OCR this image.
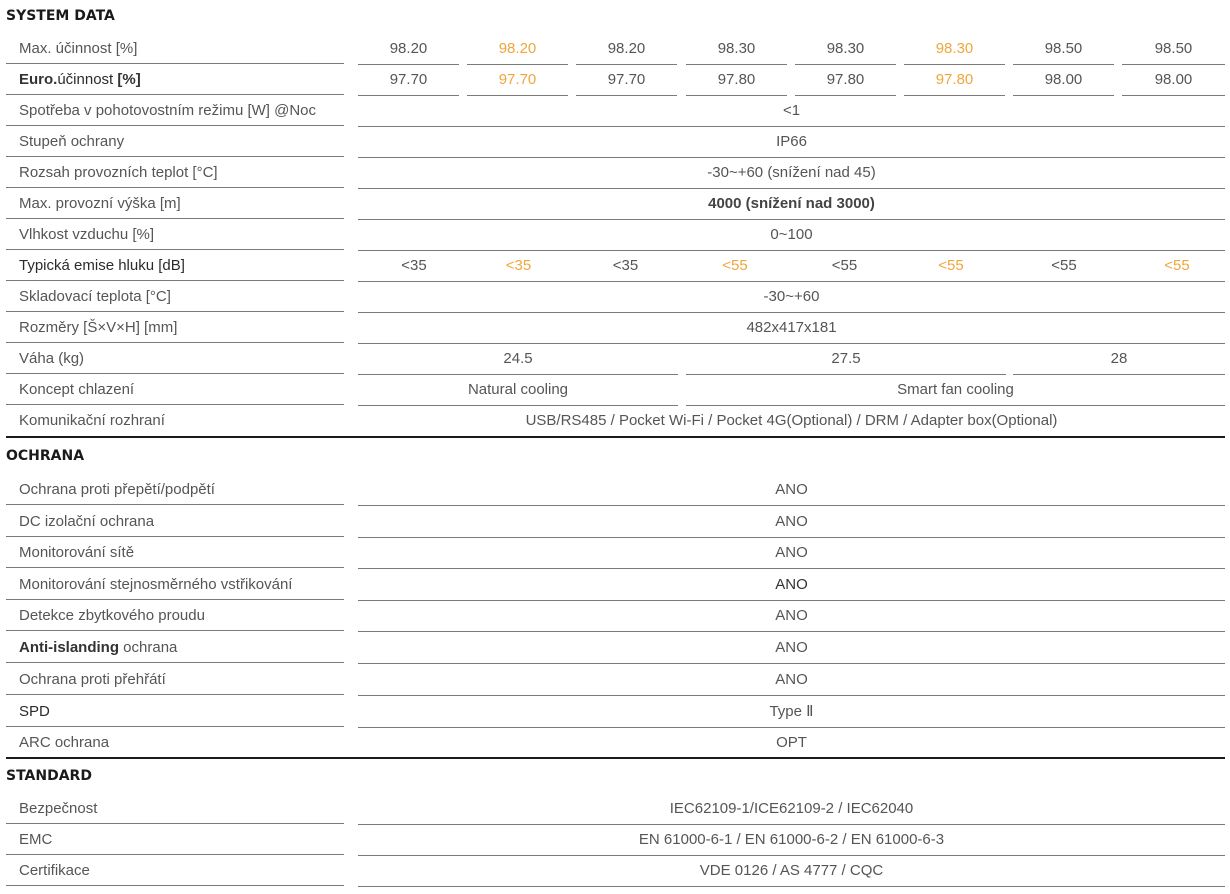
SYSTEM DATA
Max. účinnost [%]	98.20	98.20	98.20	98.30	98.30	98.30	98.50	98.50
Euro.účinnost [%]	97.70	97.70	97.70	97.80	97.80	97.80	98.00	98.00
Spotřeba v pohotovostním režimu [W] @Noc	<1
Stupeň ochrany	IP66
Rozsah provozních teplot [°C]	-30~+60 (snížení nad 45)
Max. provozní výška [m]	4000 (snížení nad 3000)
Vlhkost vzduchu [%]	0~100
Typická emise hluku [dB]	<35	<35	<35	<55	<55	<55	<55	<55
Skladovací teplota [°C]	-30~+60
Rozměry [Š×V×H] [mm]	482x417x181
Váha (kg)	24.5	27.5	28
Koncept chlazení	Natural cooling	Smart fan cooling
Komunikační rozhraní	USB/RS485 / Pocket Wi-Fi / Pocket 4G(Optional) / DRM / Adapter box(Optional)
OCHRANA
Ochrana proti přepětí/podpětí	ANO
DC izolační ochrana	ANO
Monitorování sítě	ANO
Monitorování stejnosměrného vstřikování	ANO
Detekce zbytkového proudu	ANO
Anti-islanding ochrana	ANO
Ochrana proti přehřátí	ANO
SPD	Type Ⅱ
ARC ochrana	OPT
STANDARD
Bezpečnost	IEC62109-1/ICE62109-2 / IEC62040
EMC	EN 61000-6-1 / EN 61000-6-2 / EN 61000-6-3
Certifikace	VDE 0126 / AS 4777 / CQC
